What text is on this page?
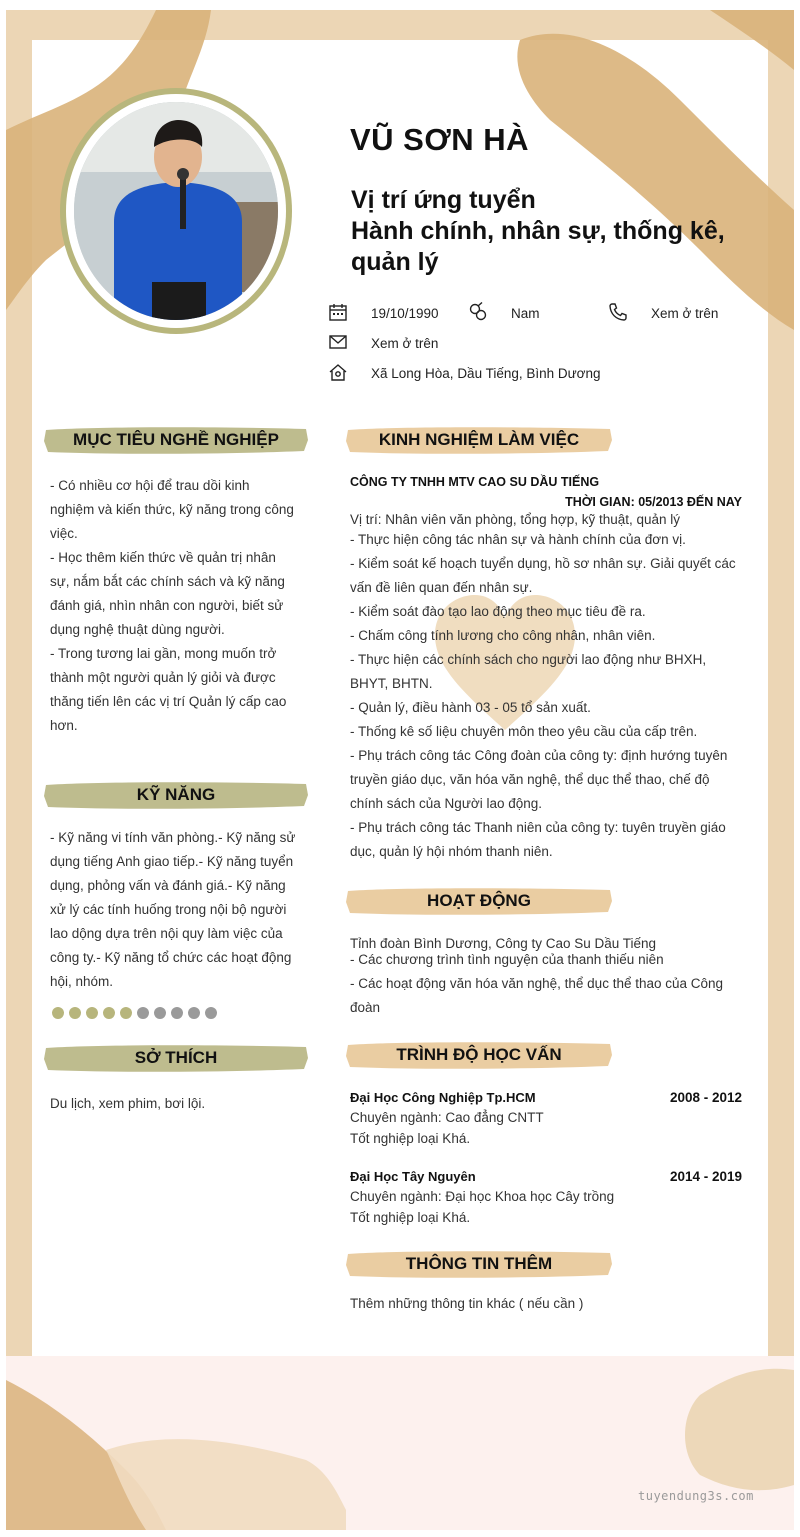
VŨ SƠN HÀ
Vị trí ứng tuyển
Hành chính, nhân sự, thống kê, quản lý
19/10/1990	Nam	Xem ở trên
Xem ở trên
Xã Long Hòa, Dầu Tiếng, Bình Dương
MỤC TIÊU NGHỀ NGHIỆP

- Có nhiều cơ hội để trau dồi kinh

nghiệm và kiến thức, kỹ năng trong công

việc.

- Học thêm kiến thức về quản trị nhân

sự, nắm bắt các chính sách và kỹ năng

đánh giá, nhìn nhân con người, biết sử

dụng nghệ thuật dùng người.

- Trong tương lai gần, mong muốn trở

thành một người quản lý giỏi và được

thăng tiến lên các vị trí Quản lý cấp cao

hơn.

KỸ NĂNG

- Kỹ năng vi tính văn phòng.- Kỹ năng sử

dụng tiếng Anh giao tiếp.- Kỹ năng tuyển

dụng, phỏng vấn và đánh giá.- Kỹ năng

xử lý các tính huống trong nội bộ người

lao dộng dựa trên nội quy làm việc của

công ty.- Kỹ năng tổ chức các hoạt động

hội, nhóm.

SỞ THÍCH
Du lịch, xem phim, bơi lội.
KINH NGHIỆM LÀM VIỆC
CÔNG TY TNHH MTV CAO SU DẦU TIẾNG
THỜI GIAN: 05/2013 ĐẾN NAY
Vị trí: Nhân viên văn phòng, tổng hợp, kỹ thuật, quản lý

- Thực hiện công tác nhân sự và hành chính của đơn vị.

- Kiểm soát kế hoạch tuyển dụng, hồ sơ nhân sự. Giải quyết các

vấn đề liên quan đến nhân sự.

- Kiểm soát đào tạo lao động theo mục tiêu đề ra.

- Chấm công tính lương cho công nhân, nhân viên.

- Thực hiện các chính sách cho người lao động như BHXH,

BHYT, BHTN.

- Quản lý, điều hành 03 - 05 tổ sản xuất.

- Thống kê số liệu chuyên môn theo yêu cầu của cấp trên.

- Phụ trách công tác Công đoàn của công ty: định hướng tuyên

truyền giáo dục, văn hóa văn nghệ, thể dục thể thao, chế độ

chính sách của Người lao động.

- Phụ trách công tác Thanh niên của công ty: tuyên truyền giáo

dục, quản lý hội nhóm thanh niên.

HOẠT ĐỘNG
Tỉnh đoàn Bình Dương, Công ty Cao Su Dầu Tiếng

- Các chương trình tình nguyện của thanh thiếu niên

- Các hoạt động văn hóa văn nghệ, thể dục thể thao của Công

đoàn

TRÌNH ĐỘ HỌC VẤN
Đại Học Công Nghiệp Tp.HCM	2008 - 2012
Chuyên ngành: Cao đẳng CNTT
Tốt nghiệp loại Khá.
Đại Học Tây Nguyên	2014 - 2019
Chuyên ngành: Đại học Khoa học Cây trồng
Tốt nghiệp loại Khá.
THÔNG TIN THÊM
Thêm những thông tin khác ( nếu cần )
tuyendung3s.com
